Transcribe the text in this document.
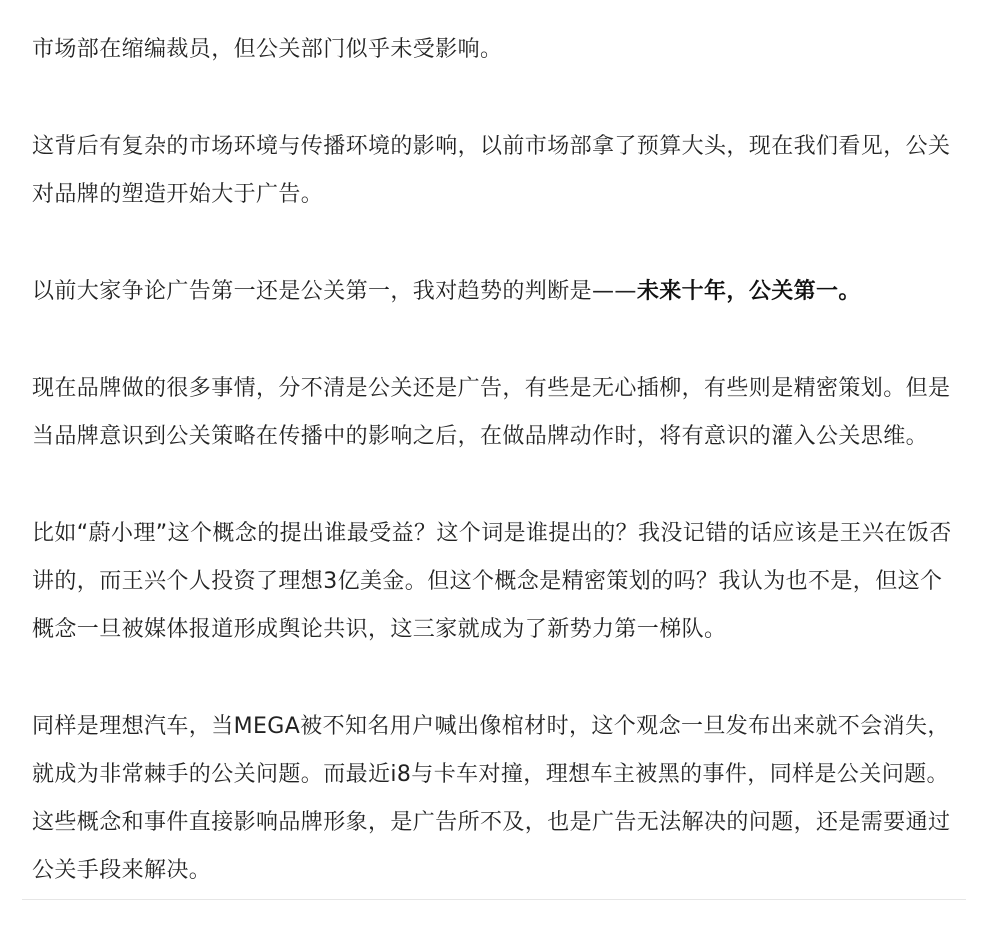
市场部在缩编裁员，但公关部门似乎未受影响。

这背后有复杂的市场环境与传播环境的影响，以前市场部拿了预算大头，现在我们看见，公关对品牌的塑造开始大于广告。

以前大家争论广告第一还是公关第一，我对趋势的判断是——未来十年，公关第一。

现在品牌做的很多事情，分不清是公关还是广告，有些是无心插柳，有些则是精密策划。但是当品牌意识到公关策略在传播中的影响之后，在做品牌动作时，将有意识的灌入公关思维。

比如“蔚小理”这个概念的提出谁最受益？这个词是谁提出的？我没记错的话应该是王兴在饭否讲的，而王兴个人投资了理想3亿美金。但这个概念是精密策划的吗？我认为也不是，但这个概念一旦被媒体报道形成舆论共识，这三家就成为了新势力第一梯队。

同样是理想汽车，当MEGA被不知名用户喊出像棺材时，这个观念一旦发布出来就不会消失，就成为非常棘手的公关问题。而最近i8与卡车对撞，理想车主被黑的事件，同样是公关问题。这些概念和事件直接影响品牌形象，是广告所不及，也是广告无法解决的问题，还是需要通过公关手段来解决。
